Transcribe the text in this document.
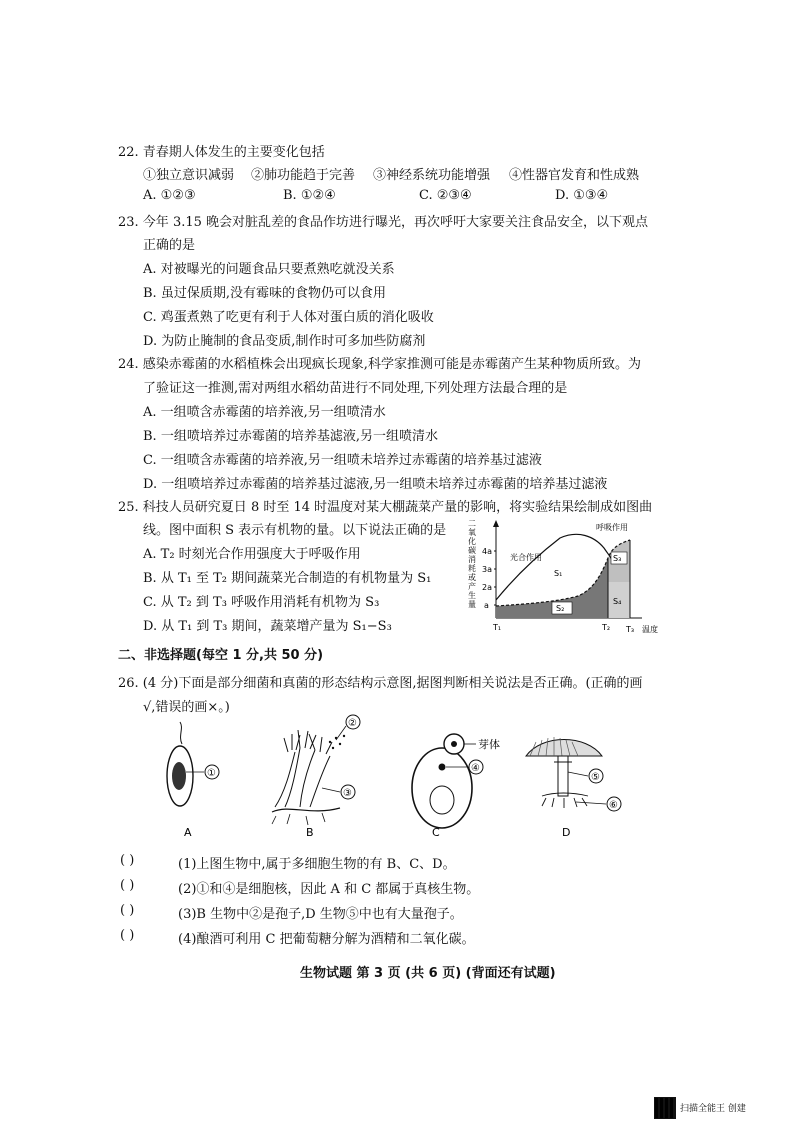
22. 青春期人体发生的主要变化包括
①独立意识减弱 ②肺功能趋于完善 ③神经系统功能增强 ④性器官发育和性成熟
A. ①②③	B. ①②④	C. ②③④	D. ①③④
23. 今年 3.15 晚会对脏乱差的食品作坊进行曝光，再次呼吁大家要关注食品安全，以下观点
正确的是
A. 对被曝光的问题食品只要煮熟吃就没关系
B. 虽过保质期,没有霉味的食物仍可以食用
C. 鸡蛋煮熟了吃更有利于人体对蛋白质的消化吸收
D. 为防止腌制的食品变质,制作时可多加些防腐剂
24. 感染赤霉菌的水稻植株会出现疯长现象,科学家推测可能是赤霉菌产生某种物质所致。为
了验证这一推测,需对两组水稻幼苗进行不同处理,下列处理方法最合理的是
A. 一组喷含赤霉菌的培养液,另一组喷清水
B. 一组喷培养过赤霉菌的培养基滤液,另一组喷清水
C. 一组喷含赤霉菌的培养液,另一组喷未培养过赤霉菌的培养基过滤液
D. 一组喷培养过赤霉菌的培养基过滤液,另一组喷未培养过赤霉菌的培养基过滤液
25. 科技人员研究夏日 8 时至 14 时温度对某大棚蔬菜产量的影响，将实验结果绘制成如图曲
线。图中面积 S 表示有机物的量。以下说法正确的是
A. T₂ 时刻光合作用强度大于呼吸作用
B. 从 T₁ 至 T₂ 期间蔬菜光合制造的有机物量为 S₁
C. 从 T₂ 到 T₃ 呼吸作用消耗有机物为 S₃
D. 从 T₁ 到 T₃ 期间，蔬菜增产量为 S₁−S₃
二氧化碳消耗或产生量 a
2a
3a
4a
S₁
S₂
S₃
S₄
光合作用
呼吸作用
T₁	T₂ T₃ 温度
二、非选择题(每空 1 分,共 50 分)
26. (4 分)下面是部分细菌和真菌的形态结构示意图,据图判断相关说法是否正确。(正确的画
√,错误的画×。)
①
②
③
芽体
④
⑤
⑥
A	B	C	D
( )	(1)上图生物中,属于多细胞生物的有 B、C、D。
( )	(2)①和④是细胞核，因此 A 和 C 都属于真核生物。
( )	(3)B 生物中②是孢子,D 生物⑤中也有大量孢子。
( )	(4)酿酒可利用 C 把葡萄糖分解为酒精和二氧化碳。
生物试题 第 3 页 (共 6 页) (背面还有试题)
扫描全能王 创建
